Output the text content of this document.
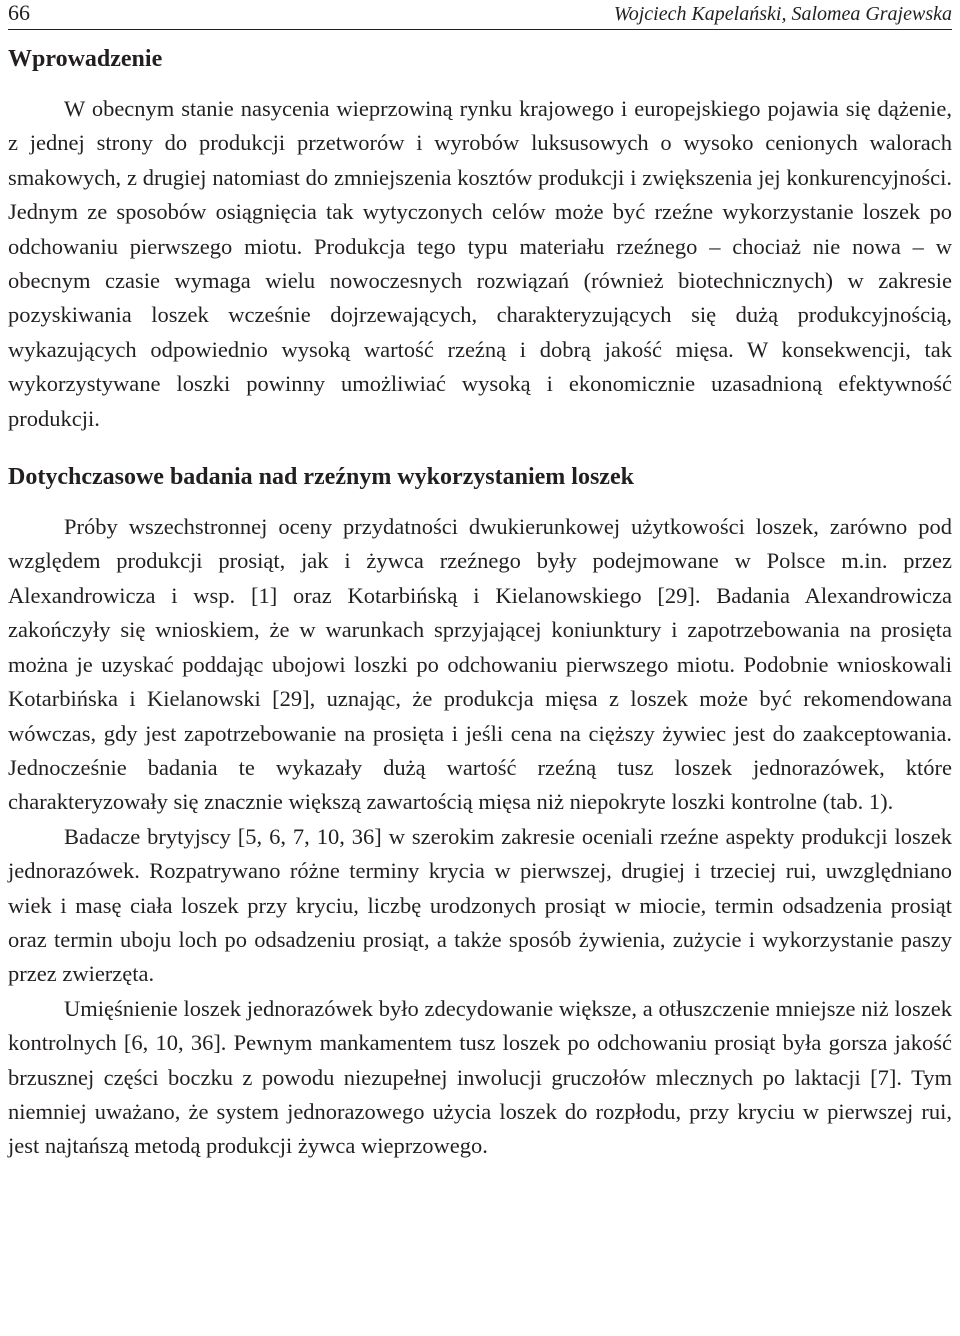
66	Wojciech Kapelański, Salomea Grajewska
Wprowadzenie

W obecnym stanie nasycenia wieprzowiną rynku krajowego i europejskiego pojawia się dążenie, z jednej strony do produkcji przetworów i wyrobów luksusowych o wysoko cenionych walorach smakowych, z drugiej natomiast do zmniejszenia kosztów produkcji i zwiększenia jej konkurencyjności. Jednym ze sposobów osiągnięcia tak wytyczonych celów może być rzeźne wykorzystanie loszek po odchowaniu pierwszego miotu. Produkcja tego typu materiału rzeźnego – chociaż nie nowa – w obecnym czasie wymaga wielu nowoczesnych rozwiązań (również biotechnicznych) w zakresie pozyskiwania loszek wcześnie dojrzewających, charakteryzujących się dużą produkcyjnością, wykazujących odpowiednio wysoką wartość rzeźną i dobrą jakość mięsa. W konsekwencji, tak wykorzystywane loszki powinny umożliwiać wysoką i ekonomicznie uzasadnioną efektywność produkcji.

Dotychczasowe badania nad rzeźnym wykorzystaniem loszek

Próby wszechstronnej oceny przydatności dwukierunkowej użytkowości loszek, zarówno pod względem produkcji prosiąt, jak i żywca rzeźnego były podejmowane w Polsce m.in. przez Alexandrowicza i wsp. [1] oraz Kotarbińską i Kielanowskiego [29]. Badania Alexandrowicza zakończyły się wnioskiem, że w warunkach sprzyjającej koniunktury i zapotrzebowania na prosięta można je uzyskać poddając ubojowi loszki po odchowaniu pierwszego miotu. Podobnie wnioskowali Kotarbińska i Kielanowski [29], uznając, że produkcja mięsa z loszek może być rekomendowana wówczas, gdy jest zapotrzebowanie na prosięta i jeśli cena na cięższy żywiec jest do zaakceptowania. Jednocześnie badania te wykazały dużą wartość rzeźną tusz loszek jednorazówek, które charakteryzowały się znacznie większą zawartością mięsa niż niepokryte loszki kontrolne (tab. 1).

Badacze brytyjscy [5, 6, 7, 10, 36] w szerokim zakresie oceniali rzeźne aspekty produkcji loszek jednorazówek. Rozpatrywano różne terminy krycia w pierwszej, drugiej i trzeciej rui, uwzględniano wiek i masę ciała loszek przy kryciu, liczbę urodzonych prosiąt w miocie, termin odsadzenia prosiąt oraz termin uboju loch po odsadzeniu prosiąt, a także sposób żywienia, zużycie i wykorzystanie paszy przez zwierzęta.

Umięśnienie loszek jednorazówek było zdecydowanie większe, a otłuszczenie mniejsze niż loszek kontrolnych [6, 10, 36]. Pewnym mankamentem tusz loszek po odchowaniu prosiąt była gorsza jakość brzusznej części boczku z powodu niezupełnej inwolucji gruczołów mlecznych po laktacji [7]. Tym niemniej uważano, że system jednorazowego użycia loszek do rozpłodu, przy kryciu w pierwszej rui, jest najtańszą metodą produkcji żywca wieprzowego.
